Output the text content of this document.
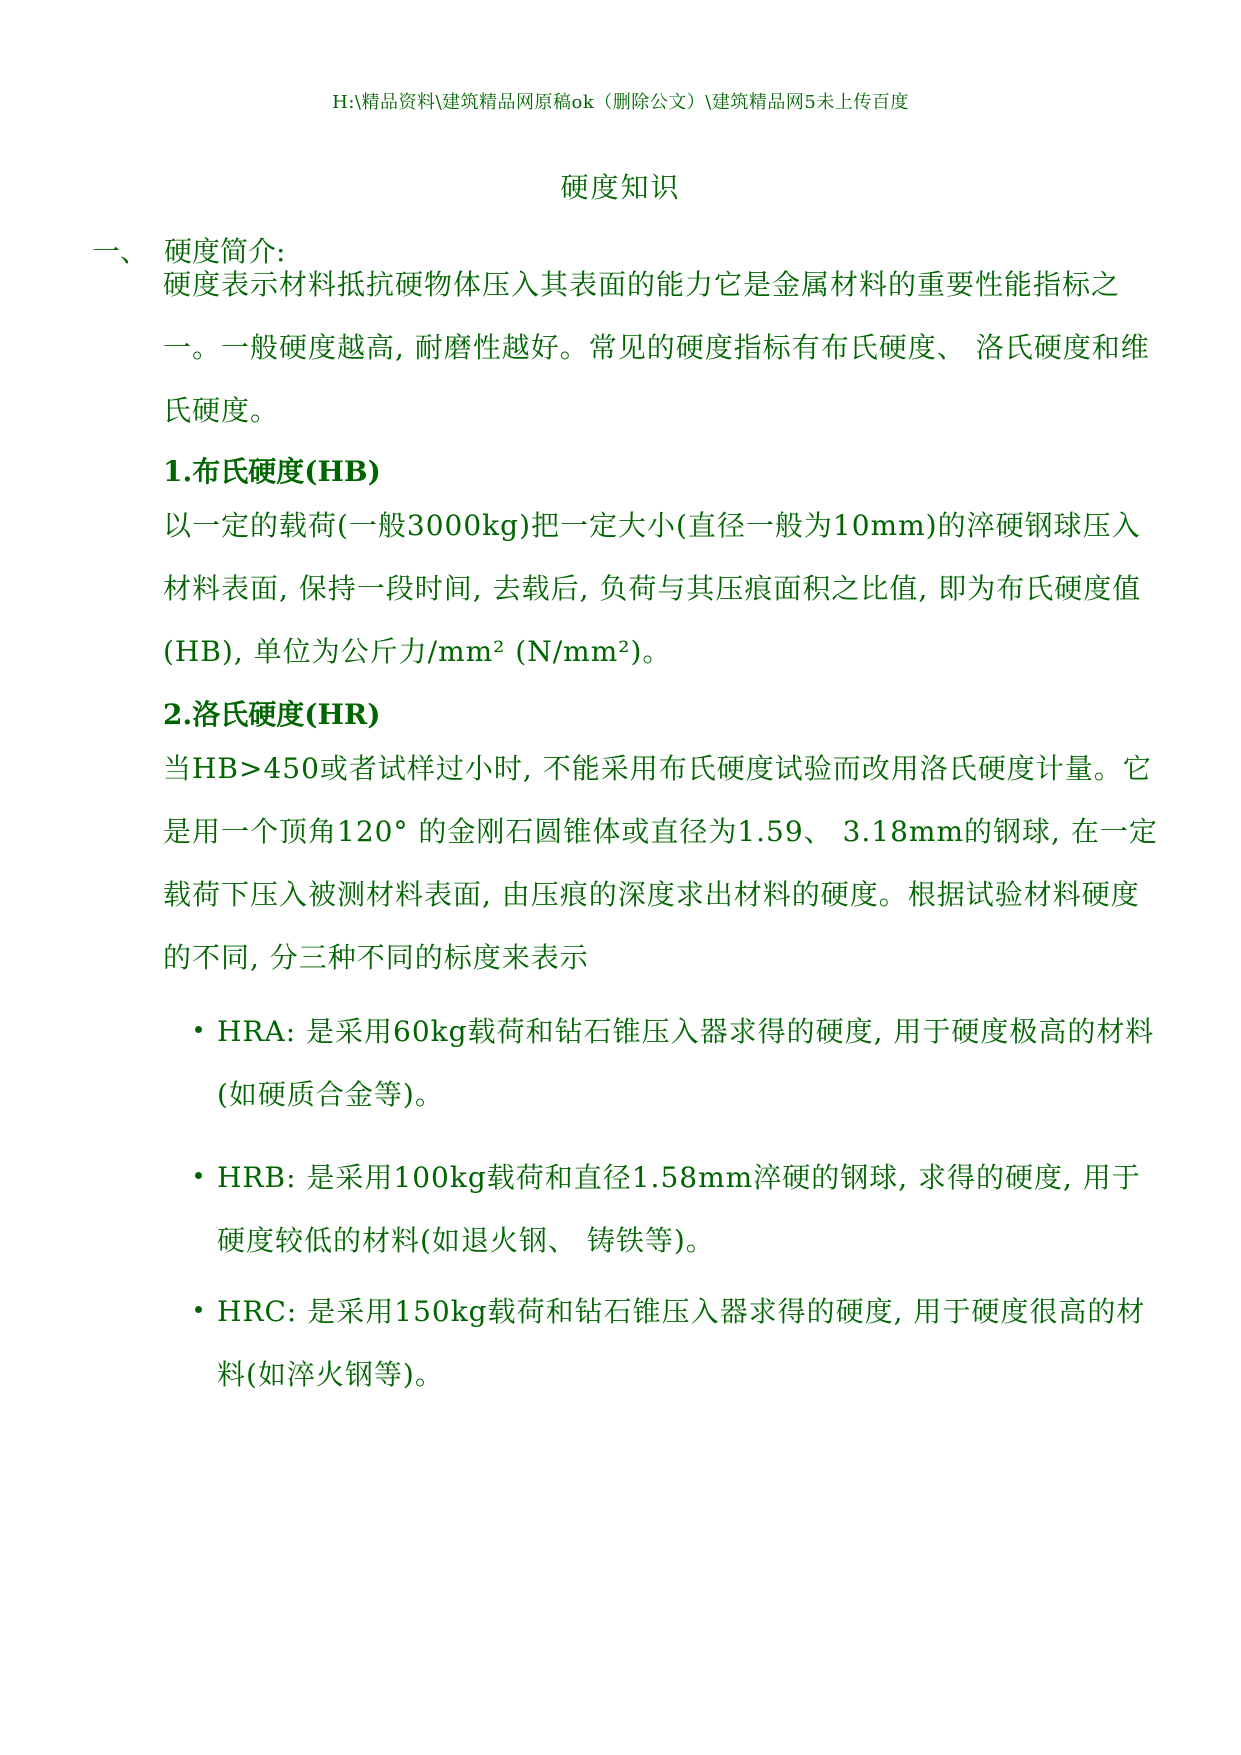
H:\精品资料\建筑精品网原稿ok（删除公文）\建筑精品网5未上传百度
硬度知识
一、 硬度简介:

硬度表示材料抵抗硬物体压入其表面的能力它是金属材料的重要性能指标之一。一般硬度越高, 耐磨性越好。常见的硬度指标有布氏硬度、 洛氏硬度和维氏硬度。

1.布氏硬度(HB)

以一定的载荷(一般3000kg)把一定大小(直径一般为10mm)的淬硬钢球压入材料表面, 保持一段时间, 去载后, 负荷与其压痕面积之比值, 即为布氏硬度值(HB), 单位为公斤力/mm² (N/mm²)。

2.洛氏硬度(HR)

当HB>450或者试样过小时, 不能采用布氏硬度试验而改用洛氏硬度计量。它是用一个顶角120° 的金刚石圆锥体或直径为1.59、 3.18mm的钢球, 在一定载荷下压入被测材料表面, 由压痕的深度求出材料的硬度。根据试验材料硬度的不同, 分三种不同的标度来表示

HRA: 是采用60kg载荷和钻石锥压入器求得的硬度, 用于硬度极高的材料(如硬质合金等)。

HRB: 是采用100kg载荷和直径1.58mm淬硬的钢球, 求得的硬度, 用于硬度较低的材料(如退火钢、 铸铁等)。

HRC: 是采用150kg载荷和钻石锥压入器求得的硬度, 用于硬度很高的材料(如淬火钢等)。
